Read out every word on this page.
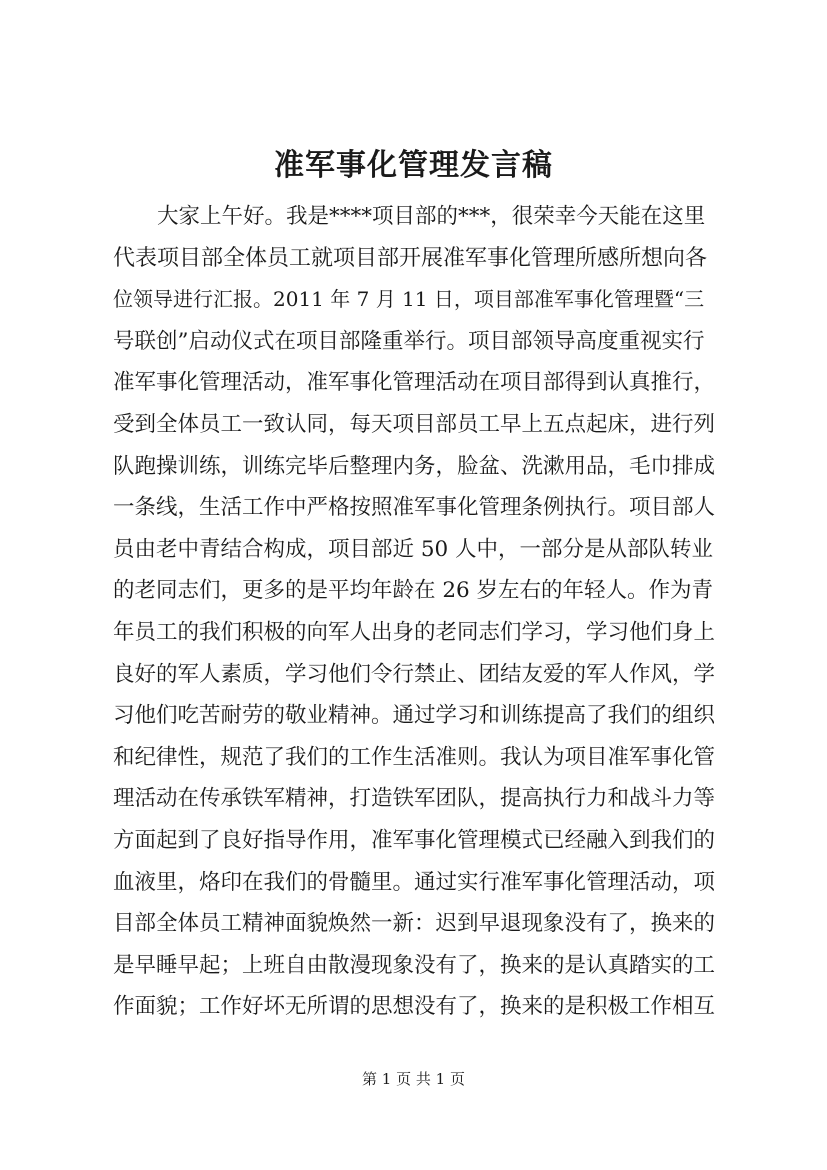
准军事化管理发言稿
大家上午好。我是****项目部的***，很荣幸今天能在这里
代表项目部全体员工就项目部开展准军事化管理所感所想向各
位领导进行汇报。2011 年 7 月 11 日，项目部准军事化管理暨“三
号联创”启动仪式在项目部隆重举行。项目部领导高度重视实行
准军事化管理活动，准军事化管理活动在项目部得到认真推行，
受到全体员工一致认同，每天项目部员工早上五点起床，进行列
队跑操训练，训练完毕后整理内务，脸盆、洗漱用品，毛巾排成
一条线，生活工作中严格按照准军事化管理条例执行。项目部人
员由老中青结合构成，项目部近 50 人中，一部分是从部队转业
的老同志们，更多的是平均年龄在 26 岁左右的年轻人。作为青
年员工的我们积极的向军人出身的老同志们学习，学习他们身上
良好的军人素质，学习他们令行禁止、团结友爱的军人作风，学
习他们吃苦耐劳的敬业精神。通过学习和训练提高了我们的组织
和纪律性，规范了我们的工作生活准则。我认为项目准军事化管
理活动在传承铁军精神，打造铁军团队，提高执行力和战斗力等
方面起到了良好指导作用，准军事化管理模式已经融入到我们的
血液里，烙印在我们的骨髓里。通过实行准军事化管理活动，项
目部全体员工精神面貌焕然一新：迟到早退现象没有了，换来的
是早睡早起；上班自由散漫现象没有了，换来的是认真踏实的工
作面貌；工作好坏无所谓的思想没有了，换来的是积极工作相互
第 1 页 共 1 页
